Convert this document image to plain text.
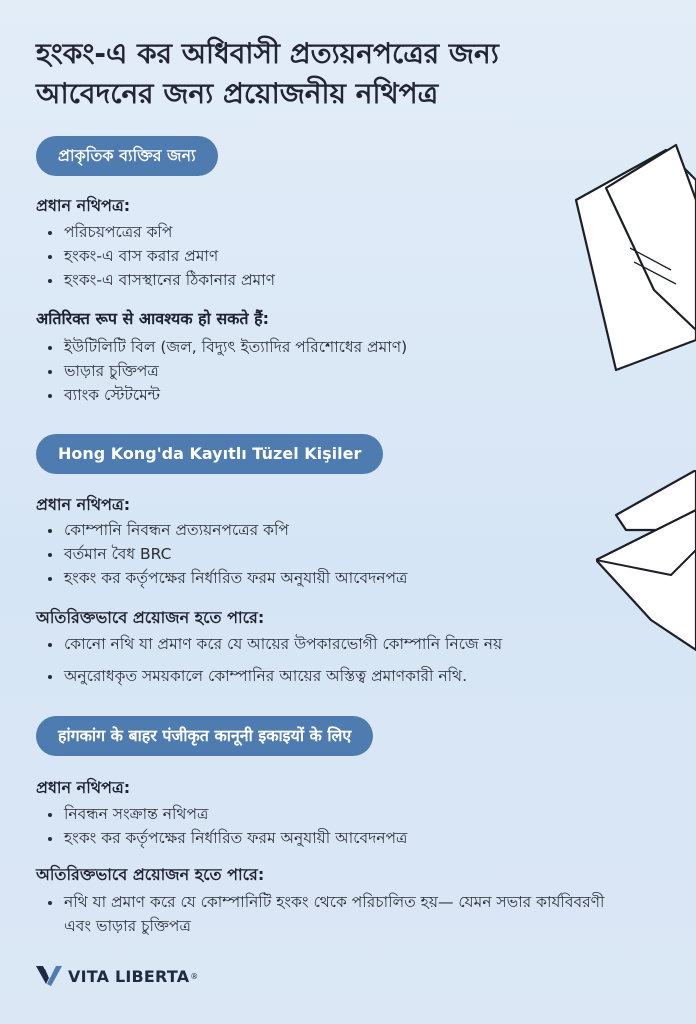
হংকং-এ কর অধিবাসী প্রত্যয়নপত্রের জন্য
আবেদনের জন্য প্রয়োজনীয় নথিপত্র
প্রাকৃতিক ব্যক্তির জন্য
প্রধান নথিপত্র:
পরিচয়পত্রের কপি
হংকং-এ বাস করার প্রমাণ
হংকং-এ বাসস্থানের ঠিকানার প্রমাণ
अतिरिक्त रूप से आवश्यक हो सकते हैं:
ইউটিলিটি বিল (জল, বিদ্যুৎ ইত্যাদির পরিশোধের প্রমাণ)
ভাড়ার চুক্তিপত্র
ব্যাংক স্টেটমেন্ট
Hong Kong'da Kayıtlı Tüzel Kişiler
প্রধান নথিপত্র:
কোম্পানি নিবন্ধন প্রত্যয়নপত্রের কপি
বর্তমান বৈধ BRC
হংকং কর কর্তৃপক্ষের নির্ধারিত ফরম অনুযায়ী আবেদনপত্র
অতিরিক্তভাবে প্রয়োজন হতে পারে:
কোনো নথি যা প্রমাণ করে যে আয়ের উপকারভোগী কোম্পানি নিজে নয়
অনুরোধকৃত সময়কালে কোম্পানির আয়ের অস্তিত্ব প্রমাণকারী নথি.
हांगकांग के बाहर पंजीकृत कानूनी इकाइयों के लिए
প্রধান নথিপত্র:
নিবন্ধন সংক্রান্ত নথিপত্র
হংকং কর কর্তৃপক্ষের নির্ধারিত ফরম অনুযায়ী আবেদনপত্র
অতিরিক্তভাবে প্রয়োজন হতে পারে:
নথি যা প্রমাণ করে যে কোম্পানিটি হংকং থেকে পরিচালিত হয়— যেমন সভার কার্যবিবরণী এবং ভাড়ার চুক্তিপত্র
VITA LIBERTA ®
